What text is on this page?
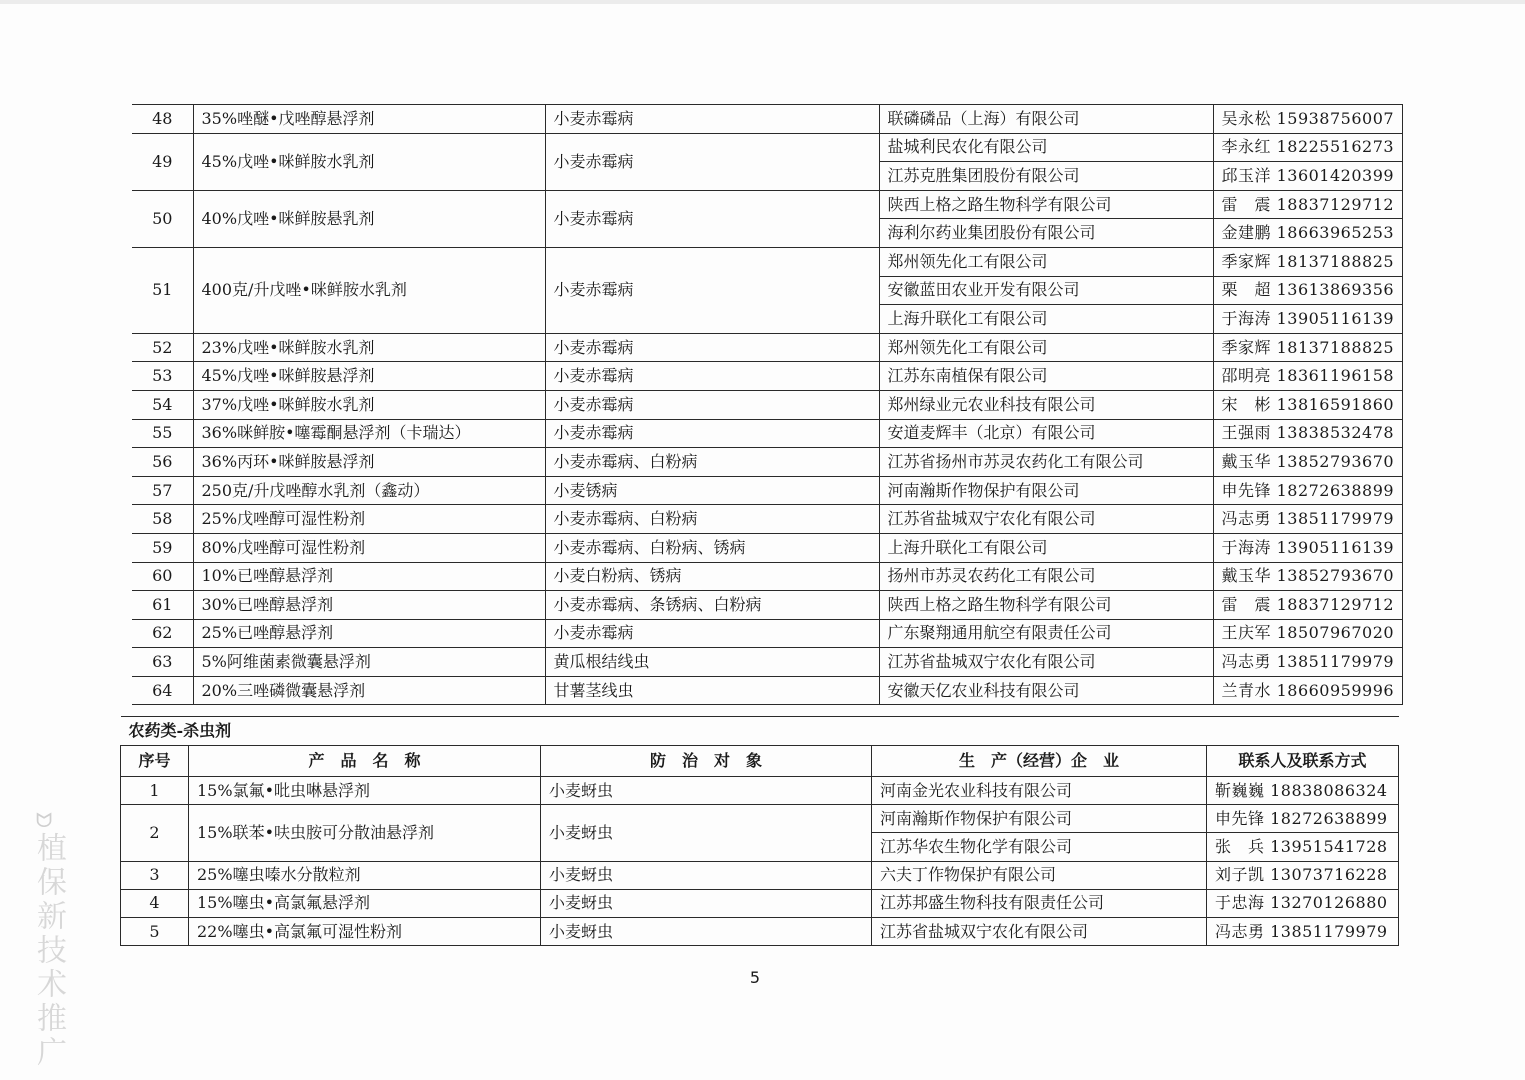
48	35%唑醚•戊唑醇悬浮剂	小麦赤霉病	联磷磷品（上海）有限公司	吴永松 15938756007
49	45%戊唑•咪鲜胺水乳剂	小麦赤霉病	盐城利民农化有限公司	李永红 18225516273
			江苏克胜集团股份有限公司	邱玉洋 13601420399
50	40%戊唑•咪鲜胺悬乳剂	小麦赤霉病	陕西上格之路生物科学有限公司	雷　震 18837129712
			海利尔药业集团股份有限公司	金建鹏 18663965253
51	400克/升戊唑•咪鲜胺水乳剂	小麦赤霉病	郑州领先化工有限公司	季家辉 18137188825
			安徽蓝田农业开发有限公司	栗　超 13613869356
			上海升联化工有限公司	于海涛 13905116139
52	23%戊唑•咪鲜胺水乳剂	小麦赤霉病	郑州领先化工有限公司	季家辉 18137188825
53	45%戊唑•咪鲜胺悬浮剂	小麦赤霉病	江苏东南植保有限公司	邵明亮 18361196158
54	37%戊唑•咪鲜胺水乳剂	小麦赤霉病	郑州绿业元农业科技有限公司	宋　彬 13816591860
55	36%咪鲜胺•噻霉酮悬浮剂（卡瑞达）	小麦赤霉病	安道麦辉丰（北京）有限公司	王强雨 13838532478
56	36%丙环•咪鲜胺悬浮剂	小麦赤霉病、白粉病	江苏省扬州市苏灵农药化工有限公司	戴玉华 13852793670
57	250克/升戊唑醇水乳剂（鑫动）	小麦锈病	河南瀚斯作物保护有限公司	申先锋 18272638899
58	25%戊唑醇可湿性粉剂	小麦赤霉病、白粉病	江苏省盐城双宁农化有限公司	冯志勇 13851179979
59	80%戊唑醇可湿性粉剂	小麦赤霉病、白粉病、锈病	上海升联化工有限公司	于海涛 13905116139
60	10%已唑醇悬浮剂	小麦白粉病、锈病	扬州市苏灵农药化工有限公司	戴玉华 13852793670
61	30%已唑醇悬浮剂	小麦赤霉病、条锈病、白粉病	陕西上格之路生物科学有限公司	雷　震 18837129712
62	25%已唑醇悬浮剂	小麦赤霉病	广东聚翔通用航空有限责任公司	王庆军 18507967020
63	5%阿维菌素微囊悬浮剂	黄瓜根结线虫	江苏省盐城双宁农化有限公司	冯志勇 13851179979
64	20%三唑磷微囊悬浮剂	甘薯茎线虫	安徽天亿农业科技有限公司	兰青水 18660959996
农药类-杀虫剂				
序号	产　品　名　称	防　治　对　象	生　产（经营）企　业	联系人及联系方式
1	15%氯氟•吡虫啉悬浮剂	小麦蚜虫	河南金光农业科技有限公司	靳巍巍 18838086324
2	15%联苯•呋虫胺可分散油悬浮剂	小麦蚜虫	河南瀚斯作物保护有限公司	申先锋 18272638899
			江苏华农生物化学有限公司	张　兵 13951541728
3	25%噻虫嗪水分散粒剂	小麦蚜虫	六夫丁作物保护有限公司	刘子凯 13073716228
4	15%噻虫•高氯氟悬浮剂	小麦蚜虫	江苏邦盛生物科技有限责任公司	于忠海 13270126880
5	22%噻虫•高氯氟可湿性粉剂	小麦蚜虫	江苏省盐城双宁农化有限公司	冯志勇 13851179979
5
ᗢ
植保新技术推广
